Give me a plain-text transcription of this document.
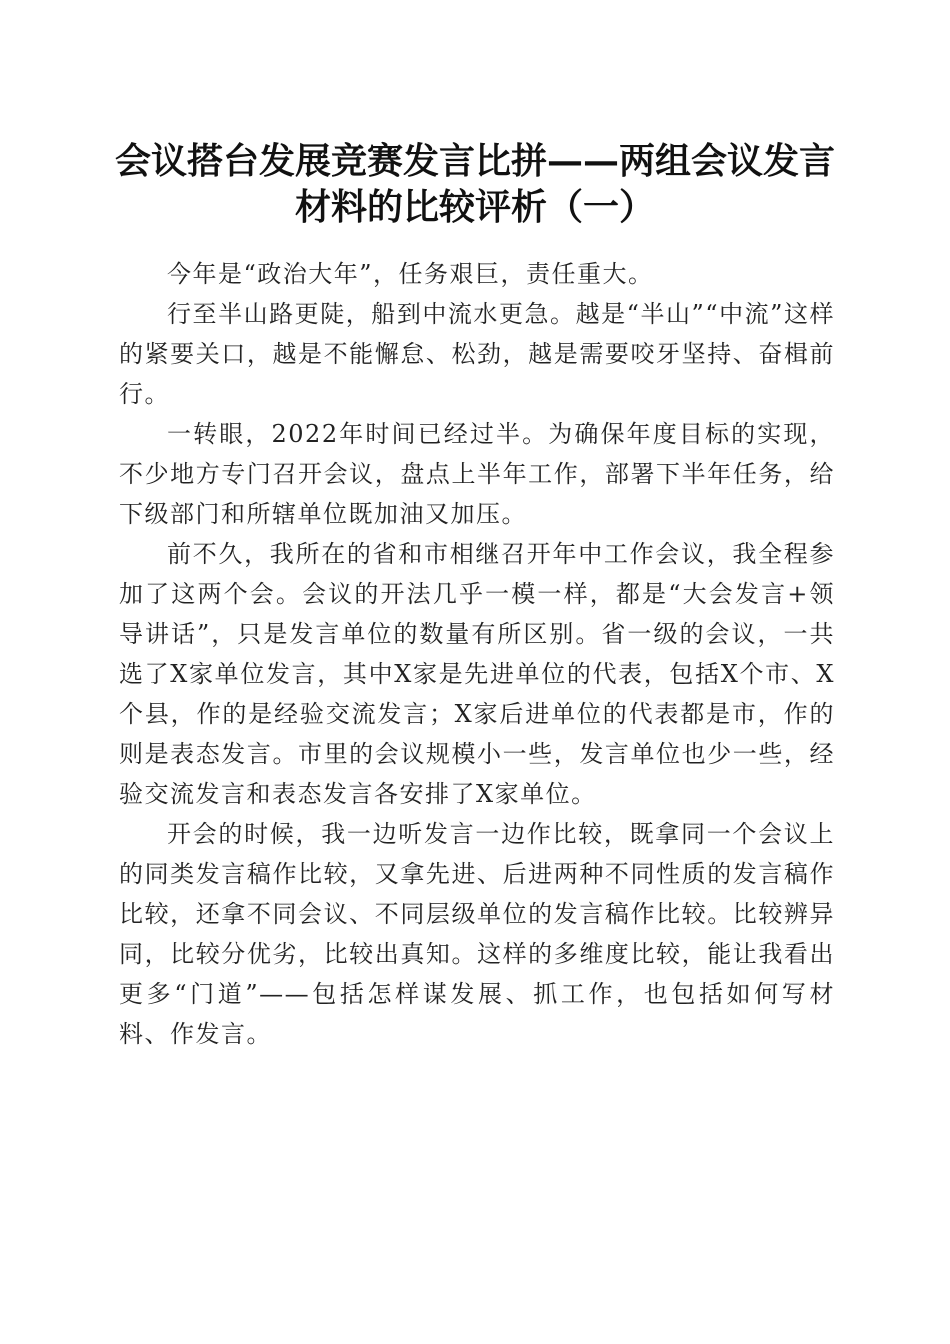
会议搭台发展竞赛发言比拼——两组会议发言
材料的比较评析（一）

今年是“政治大年”，任务艰巨，责任重大。

行至半山路更陡，船到中流水更急。越是“半山”“中流”这样的紧要关口，越是不能懈怠、松劲，越是需要咬牙坚持、奋楫前行。

一转眼，2022年时间已经过半。为确保年度目标的实现，不少地方专门召开会议，盘点上半年工作，部署下半年任务，给下级部门和所辖单位既加油又加压。

前不久，我所在的省和市相继召开年中工作会议，我全程参加了这两个会。会议的开法几乎一模一样，都是“大会发言+领导讲话”，只是发言单位的数量有所区别。省一级的会议，一共选了X家单位发言，其中X家是先进单位的代表，包括X个市、X个县，作的是经验交流发言；X家后进单位的代表都是市，作的则是表态发言。市里的会议规模小一些，发言单位也少一些，经验交流发言和表态发言各安排了X家单位。

开会的时候，我一边听发言一边作比较，既拿同一个会议上的同类发言稿作比较，又拿先进、后进两种不同性质的发言稿作比较，还拿不同会议、不同层级单位的发言稿作比较。比较辨异同，比较分优劣，比较出真知。这样的多维度比较，能让我看出更多“门道”——包括怎样谋发展、抓工作，也包括如何写材料、作发言。
